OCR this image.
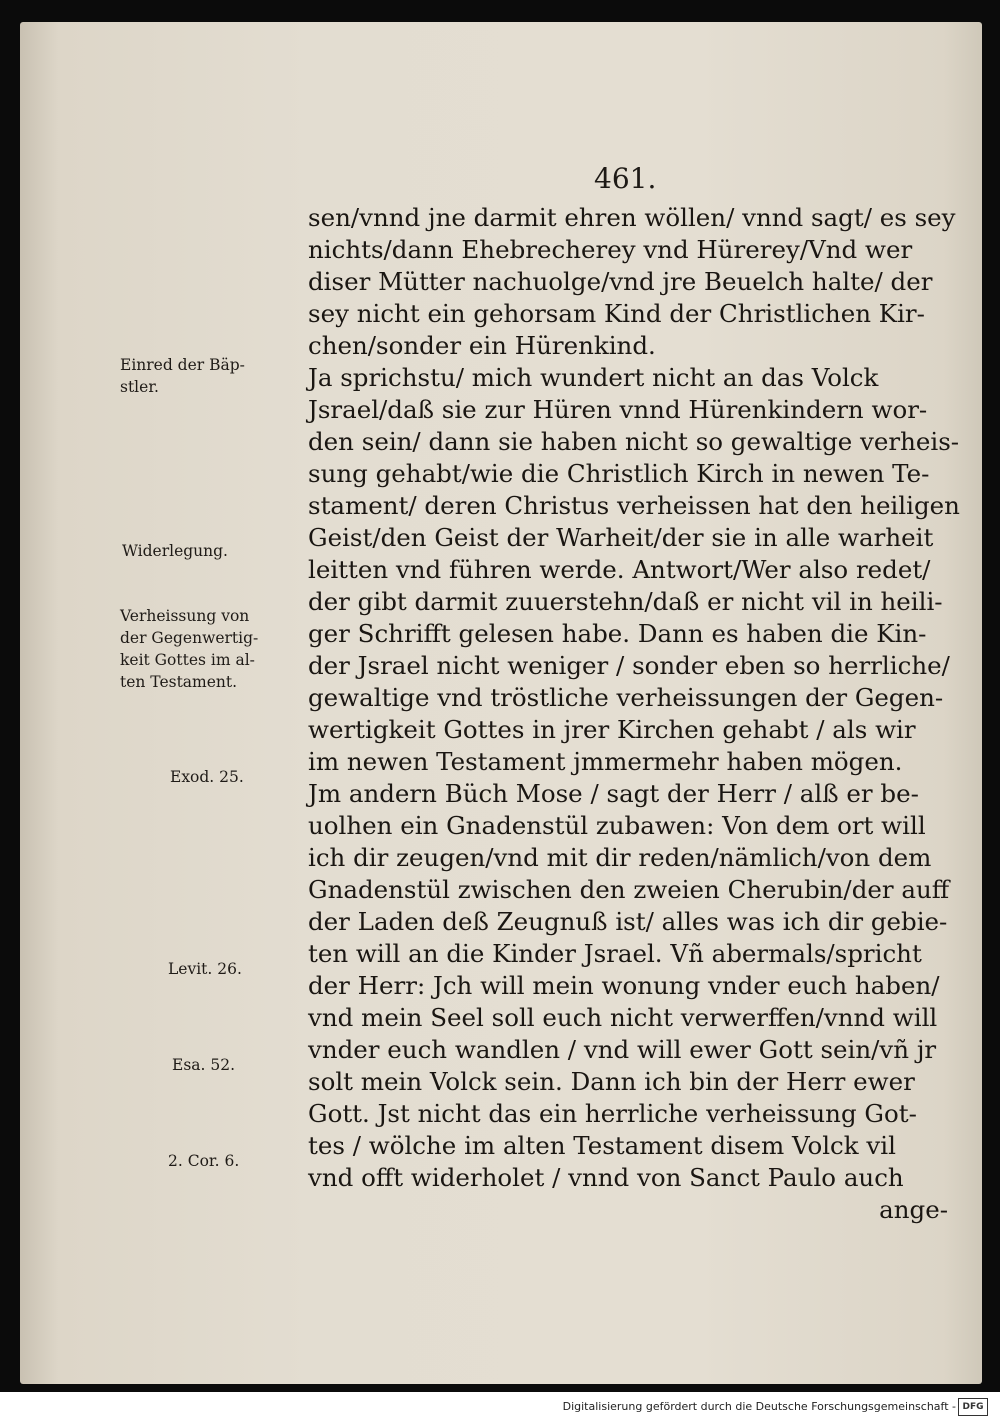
461.
sen/vnnd jne darmit ehren wöllen/ vnnd sagt/ es sey
nichts/dann Ehebrecherey vnd Hürerey/Vnd wer
diser Mütter nachuolge/vnd jre Beuelch halte/ der
sey nicht ein gehorsam Kind der Christlichen Kir-
chen/sonder ein Hürenkind.
Ja sprichstu/ mich wundert nicht an das Volck
Jsrael/daß sie zur Hüren vnnd Hürenkindern wor-
den sein/ dann sie haben nicht so gewaltige verheis-
sung gehabt/wie die Christlich Kirch in newen Te-
stament/ deren Christus verheissen hat den heiligen
Geist/den Geist der Warheit/der sie in alle warheit
leitten vnd führen werde. Antwort/Wer also redet/
der gibt darmit zuuerstehn/daß er nicht vil in heili-
ger Schrifft gelesen habe. Dann es haben die Kin-
der Jsrael nicht weniger / sonder eben so herrliche/
gewaltige vnd tröstliche verheissungen der Gegen-
wertigkeit Gottes in jrer Kirchen gehabt / als wir
im newen Testament jmmermehr haben mögen.
Jm andern Büch Mose / sagt der Herr / alß er be-
uolhen ein Gnadenstül zubawen: Von dem ort will
ich dir zeugen/vnd mit dir reden/nämlich/von dem
Gnadenstül zwischen den zweien Cherubin/der auff
der Laden deß Zeugnuß ist/ alles was ich dir gebie-
ten will an die Kinder Jsrael. Vñ abermals/spricht
der Herr: Jch will mein wonung vnder euch haben/
vnd mein Seel soll euch nicht verwerffen/vnnd will
vnder euch wandlen / vnd will ewer Gott sein/vñ jr
solt mein Volck sein. Dann ich bin der Herr ewer
Gott. Jst nicht das ein herrliche verheissung Got-
tes / wölche im alten Testament disem Volck vil
vnd offt widerholet / vnnd von Sanct Paulo auch
ange-
Einred der Bäp-
stler.
Widerlegung.
Verheissung von
der Gegenwertig-
keit Gottes im al-
ten Testament.
Exod. 25.
Levit. 26.
Esa. 52.
2. Cor. 6.
Digitalisierung gefördert durch die Deutsche Forschungsgemeinschaft - DFG
